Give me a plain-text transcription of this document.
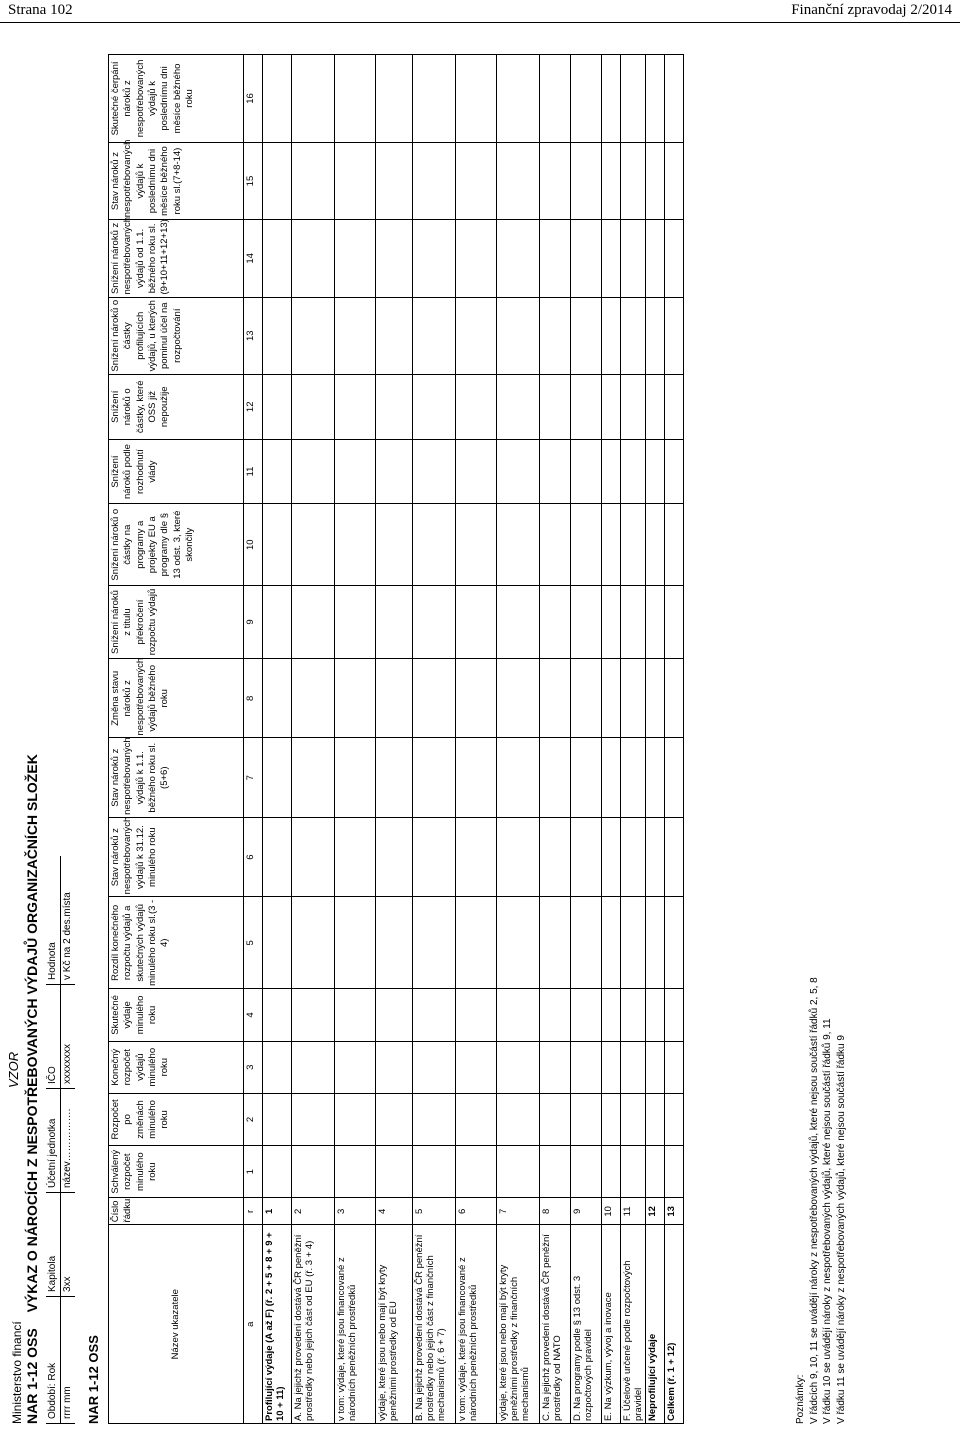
Strana 102	Finanční zpravodaj 2/2014
Ministerstvo financí
VZOR
NAR 1-12 OSS VÝKAZ O NÁROCÍCH Z NESPOTŘEBOVANÝCH VÝDAJŮ ORGANIZAČNÍCH SLOŽEK
Období: Rok	Kapitola	Účetní jednotka	IČO	Hodnota
rrrr mm	3xx	název…………….	xxxxxxxx	v Kč na 2 des.místa
NAR 1-12 OSS
Název ukazatele	Číslo řádku	Schválený rozpočet minulého roku	Rozpočet po změnách minulého roku	Konečný rozpočet výdajů minulého roku	Skutečné výdaje minulého roku	Rozdíl konečného rozpočtu výdajů a skutečných výdajů minulého roku sl.(3 - 4)	Stav nároků z nespotřebovaných výdajů k 31.12. minulého roku	Stav nároků z nespotřebovaných výdajů k 1.1. běžného roku sl. (5+6)	Změna stavu nároků z nespotřebovaných výdajů běžného roku	Snížení nároků z titulu překročení rozpočtu výdajů	Snížení nároků o částky na programy a projekty EU a programy dle § 13 odst. 3, které skončily	Snížení nároků podle rozhodnutí vlády	Snížení nároků o částky, které OSS již nepoužije	Snížení nároků o částky profilujících výdajů, u kterých pominul účel na rozpočtování	Snížení nároků z nespotřebovaných výdajů od 1.1. běžného roku sl. (9+10+11+12+13)	Stav nároků z nespotřebovaných výdajů k poslednímu dni měsíce běžného roku sl.(7+8-14)	Skutečné čerpání nároků z nespotřebovaných výdajů k poslednímu dni měsíce běžného roku
a	r	1	2	3	4	5	6	7	8	9	10	11	12	13	14	15	16
Profilující výdaje (A až F) (ř. 2 + 5 + 8 + 9 + 10 + 11)	1																
A. Na jejichž provedení dostává ČR peněžní prostředky nebo jejich část od EU (ř. 3 + 4)	2																
v tom: výdaje, které jsou financované z národních peněžních prostředků	3																
výdaje, které jsou nebo mají být kryty peněžními prostředky od EU	4																
B. Na jejichž provedení dostává ČR peněžní prostředky nebo jejich část z finančních mechanismů (ř. 6 + 7)	5																
v tom: výdaje, které jsou financované z národních peněžních prostředků	6																
výdaje, které jsou nebo mají být kryty peněžními prostředky z finančních mechanismů	7																
C. Na jejichž provedení dostává ČR peněžní prostředky od NATO	8																
D. Na programy podle § 13 odst. 3 rozpočtových pravidel	9																
E. Na výzkum, vývoj a inovace	10																
F. Účelově určené podle rozpočtových pravidel	11																
Neprofilující výdaje	12																
Celkem (ř. 1 + 12)	13																
Poznámky: V řádcích 9, 10, 11 se uvádějí nároky z nespotřebovaných výdajů, které nejsou součástí řádků 2, 5, 8 V řádku 10 se uvádějí nároky z nespotřebovaných výdajů, které nejsou součástí řádků 9, 11 V řádku 11 se uvádějí nároky z nespotřebovaných výdajů, které nejsou součástí řádku 9
